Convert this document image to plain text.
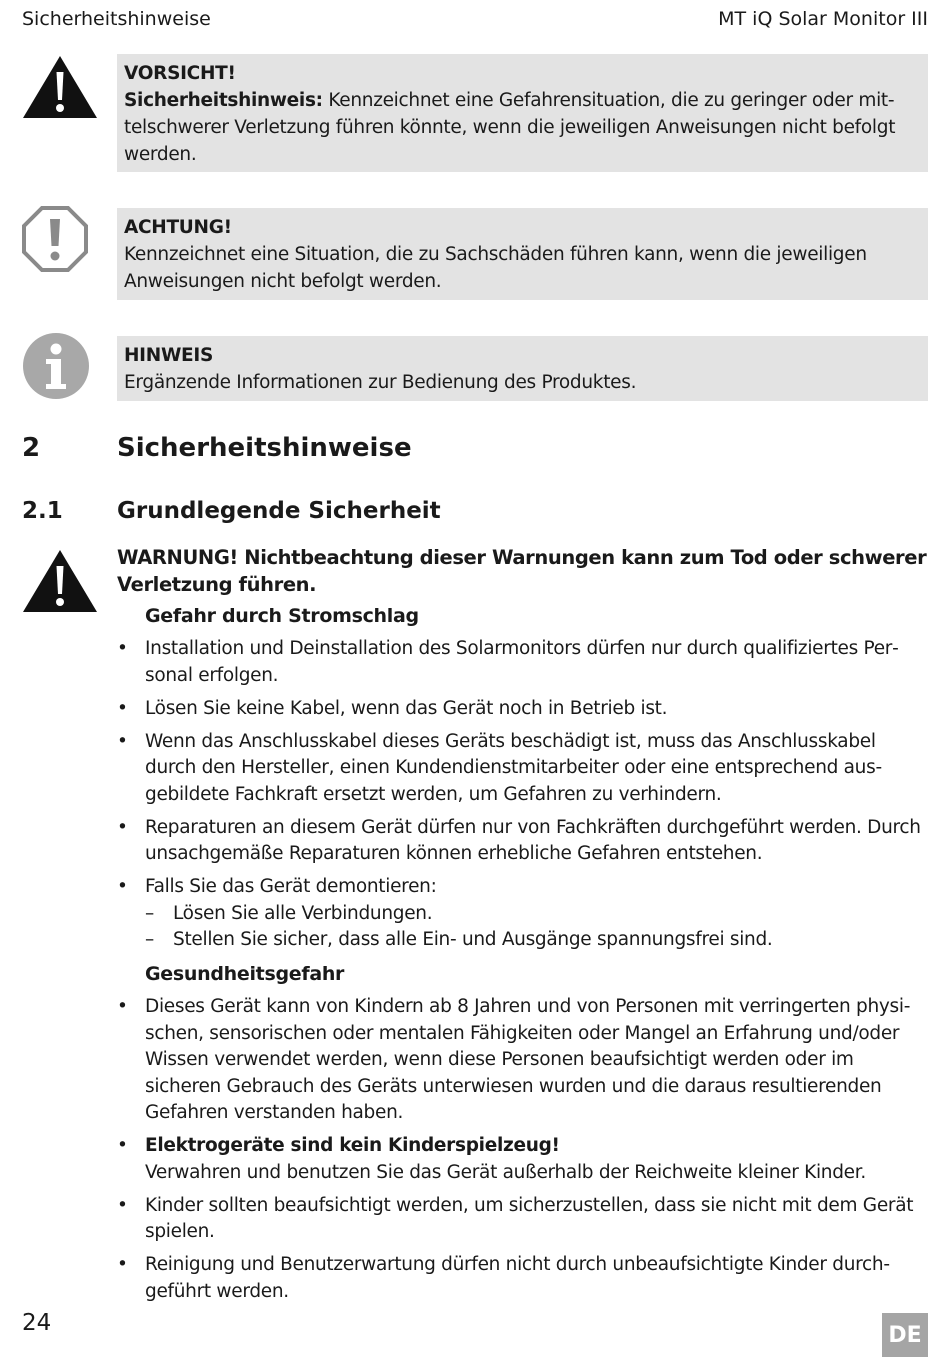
Sicherheitshinweise	MT iQ Solar Monitor III
VORSICHT!
Sicherheitshinweis: Kennzeichnet eine Gefahrensituation, die zu geringer oder mittelschwerer Verletzung führen könnte, wenn die jeweiligen Anweisungen nicht befolgt werden.
ACHTUNG!
Kennzeichnet eine Situation, die zu Sachschäden führen kann, wenn die jeweiligen Anweisungen nicht befolgt werden.
HINWEIS
Ergänzende Informationen zur Bedienung des Produktes.
2	Sicherheitshinweise
2.1 Grundlegende Sicherheit
WARNUNG! Nichtbeachtung dieser Warnungen kann zum Tod oder schwerer Verletzung führen.
Gefahr durch Stromschlag
• Installation und Deinstallation des Solarmonitors dürfen nur durch qualifiziertes Personal erfolgen.
• Lösen Sie keine Kabel, wenn das Gerät noch in Betrieb ist.
• Wenn das Anschlusskabel dieses Geräts beschädigt ist, muss das Anschlusskabel durch den Hersteller, einen Kundendienstmitarbeiter oder eine entsprechend ausgebildete Fachkraft ersetzt werden, um Gefahren zu verhindern.
• Reparaturen an diesem Gerät dürfen nur von Fachkräften durchgeführt werden. Durch unsachgemäße Reparaturen können erhebliche Gefahren entstehen.
• Falls Sie das Gerät demontieren:
– Lösen Sie alle Verbindungen.
– Stellen Sie sicher, dass alle Ein- und Ausgänge spannungsfrei sind.
Gesundheitsgefahr
• Dieses Gerät kann von Kindern ab 8 Jahren und von Personen mit verringerten physischen, sensorischen oder mentalen Fähigkeiten oder Mangel an Erfahrung und/oder Wissen verwendet werden, wenn diese Personen beaufsichtigt werden oder im sicheren Gebrauch des Geräts unterwiesen wurden und die daraus resultierenden Gefahren verstanden haben.
• Elektrogeräte sind kein Kinderspielzeug!
Verwahren und benutzen Sie das Gerät außerhalb der Reichweite kleiner Kinder.
• Kinder sollten beaufsichtigt werden, um sicherzustellen, dass sie nicht mit dem Gerät spielen.
• Reinigung und Benutzerwartung dürfen nicht durch unbeaufsichtigte Kinder durchgeführt werden.
24	DE
